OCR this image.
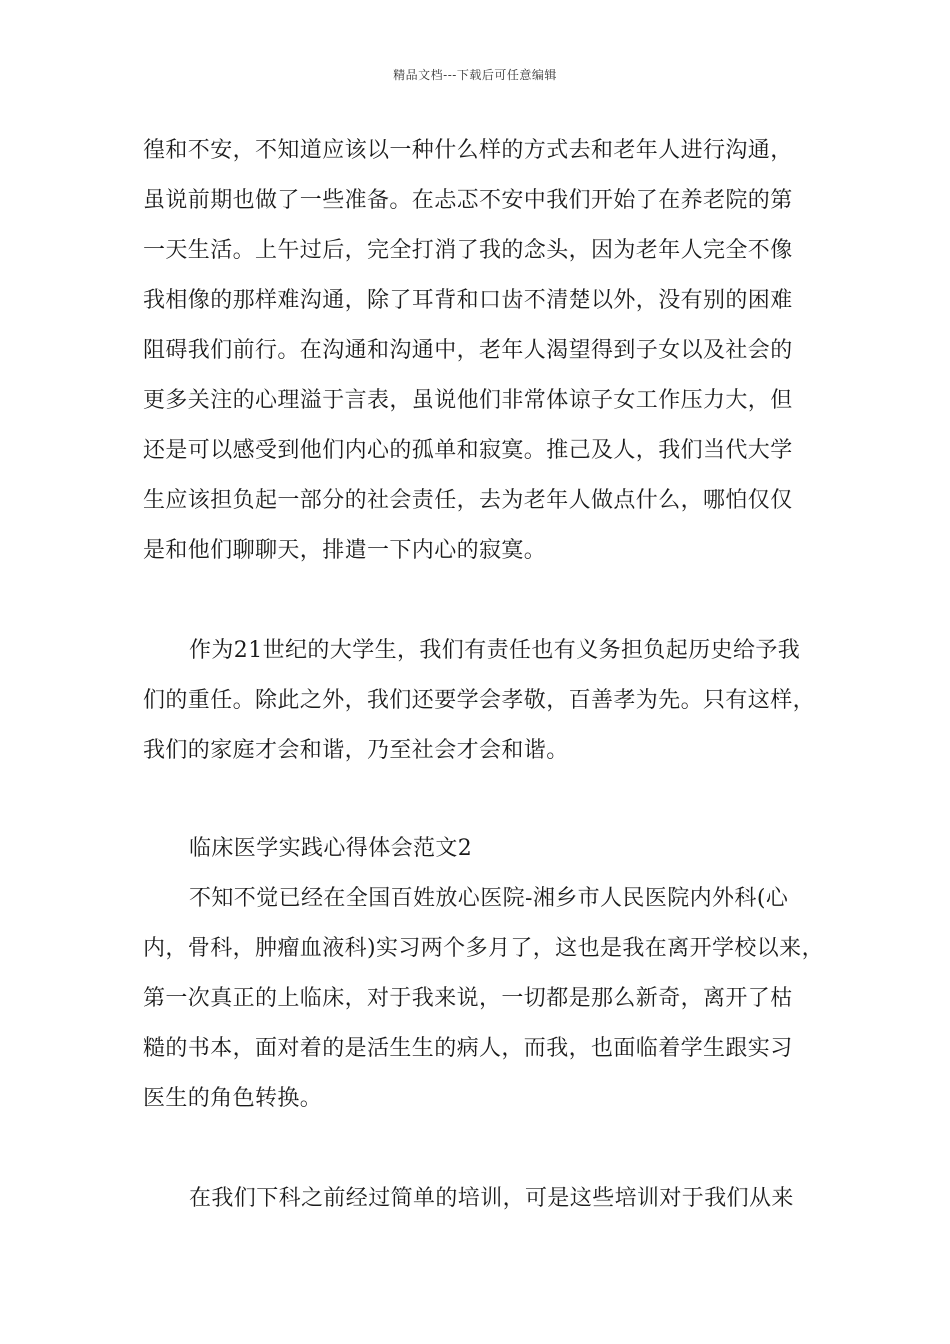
精品文档---下载后可任意编辑
徨和不安，不知道应该以一种什么样的方式去和老年人进行沟通，
虽说前期也做了一些准备。在忐忑不安中我们开始了在养老院的第
一天生活。上午过后，完全打消了我的念头，因为老年人完全不像
我相像的那样难沟通，除了耳背和口齿不清楚以外，没有别的困难
阻碍我们前行。在沟通和沟通中，老年人渴望得到子女以及社会的
更多关注的心理溢于言表，虽说他们非常体谅子女工作压力大，但
还是可以感受到他们内心的孤单和寂寞。推己及人，我们当代大学
生应该担负起一部分的社会责任，去为老年人做点什么，哪怕仅仅
是和他们聊聊天，排遣一下内心的寂寞。
作为21世纪的大学生，我们有责任也有义务担负起历史给予我
们的重任。除此之外，我们还要学会孝敬，百善孝为先。只有这样，
我们的家庭才会和谐，乃至社会才会和谐。
临床医学实践心得体会范文2
不知不觉已经在全国百姓放心医院-湘乡市人民医院内外科(心
内，骨科，肿瘤血液科)实习两个多月了，这也是我在离开学校以来，
第一次真正的上临床，对于我来说，一切都是那么新奇，离开了枯
糙的书本，面对着的是活生生的病人，而我，也面临着学生跟实习
医生的角色转换。
在我们下科之前经过简单的培训，可是这些培训对于我们从来
